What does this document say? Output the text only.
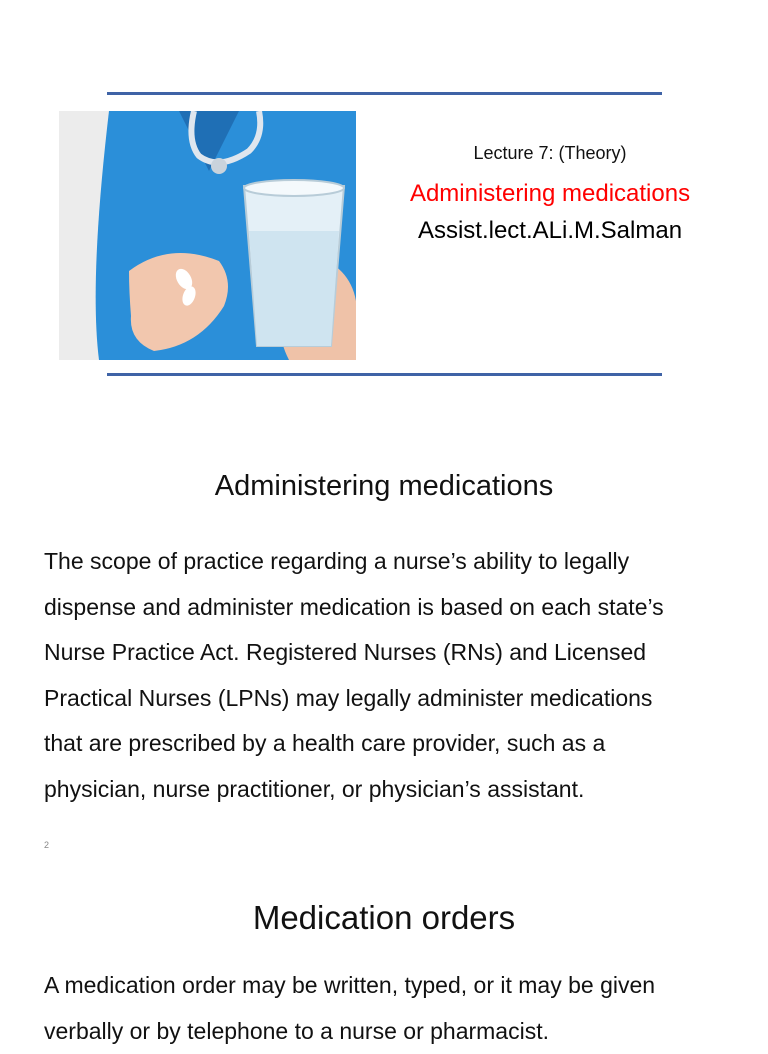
Lecture 7: (Theory)
Administering medications
Assist.lect.ALi.M.Salman
Administering medications

The scope of practice regarding a nurse’s ability to legally
dispense and administer medication is based on each state’s
Nurse Practice Act. Registered Nurses (RNs) and Licensed
Practical Nurses (LPNs) may legally administer medications
that are prescribed by a health care provider, such as a
physician, nurse practitioner, or physician’s assistant.

2
Medication orders

A medication order may be written, typed, or it may be given
verbally or by telephone to a nurse or pharmacist.
